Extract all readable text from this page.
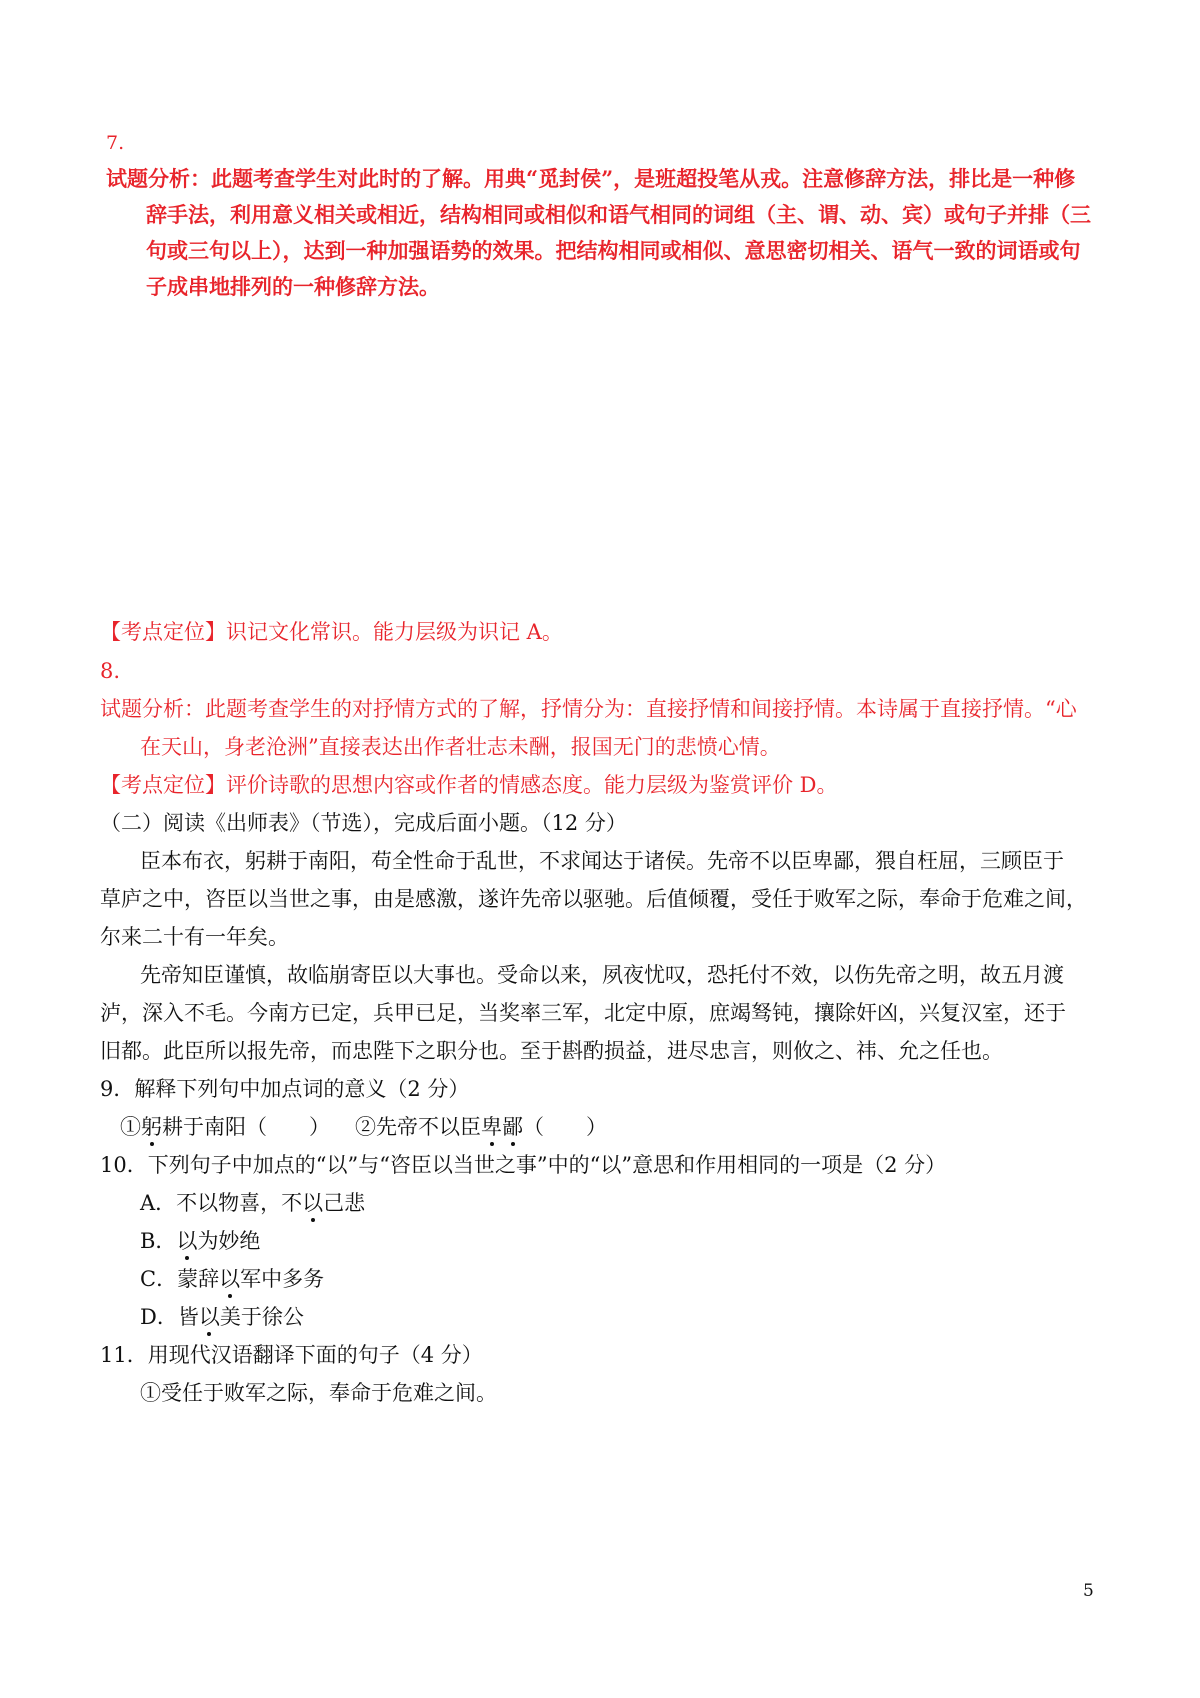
7.
试题分析：此题考查学生对此时的了解。用典“觅封侯”，是班超投笔从戎。注意修辞方法，排比是一种修
辞手法，利用意义相关或相近，结构相同或相似和语气相同的词组（主、谓、动、宾）或句子并排（三
句或三句以上），达到一种加强语势的效果。把结构相同或相似、意思密切相关、语气一致的词语或句
子成串地排列的一种修辞方法。
【考点定位】识记文化常识。能力层级为识记 A。
8.
试题分析：此题考查学生的对抒情方式的了解，抒情分为：直接抒情和间接抒情。本诗属于直接抒情。“心
在天山，身老沧洲”直接表达出作者壮志未酬，报国无门的悲愤心情。
【考点定位】评价诗歌的思想内容或作者的情感态度。能力层级为鉴赏评价 D。
（二）阅读《出师表》（节选），完成后面小题。（12 分）
臣本布衣，躬耕于南阳，苟全性命于乱世，不求闻达于诸侯。先帝不以臣卑鄙，猥自枉屈，三顾臣于
草庐之中，咨臣以当世之事，由是感激，遂许先帝以驱驰。后值倾覆，受任于败军之际，奉命于危难之间，
尔来二十有一年矣。
先帝知臣谨慎，故临崩寄臣以大事也。受命以来，夙夜忧叹，恐托付不效，以伤先帝之明，故五月渡
泸，深入不毛。今南方已定，兵甲已足，当奖率三军，北定中原，庶竭驽钝，攘除奸凶，兴复汉室，还于
旧都。此臣所以报先帝，而忠陛下之职分也。至于斟酌损益，进尽忠言，则攸之、祎、允之任也。
9．解释下列句中加点词的意义（2 分）
①躬耕于南阳（　　） ②先帝不以臣卑鄙（　　）
10．下列句子中加点的“以”与“咨臣以当世之事”中的“以”意思和作用相同的一项是（2 分）
A．不以物喜，不以己悲
B．以为妙绝
C．蒙辞以军中多务
D．皆以美于徐公
11．用现代汉语翻译下面的句子（4 分）
①受任于败军之际，奉命于危难之间。
5
